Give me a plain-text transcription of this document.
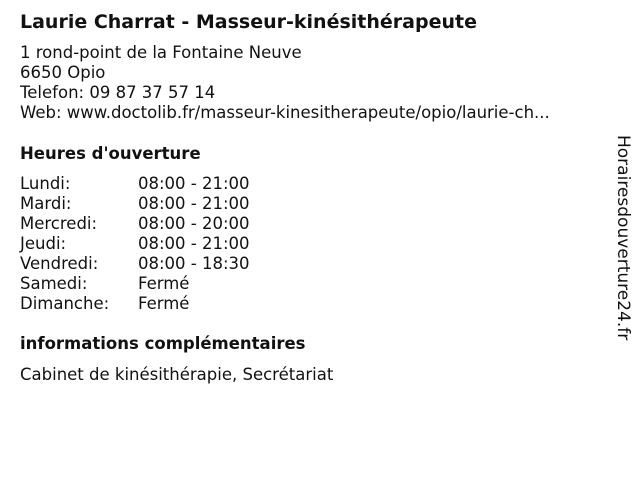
Laurie Charrat - Masseur-kinésithérapeute
1 rond-point de la Fontaine Neuve
6650 Opio
Telefon: 09 87 37 57 14
Web: www.doctolib.fr/masseur-kinesitherapeute/opio/laurie-ch...
Heures d'ouverture
Lundi:	08:00 - 21:00
Mardi:	08:00 - 21:00
Mercredi:	08:00 - 20:00
Jeudi:	08:00 - 21:00
Vendredi:	08:00 - 18:30
Samedi:	Fermé
Dimanche:	Fermé
informations complémentaires
Cabinet de kinésithérapie, Secrétariat
Horairesdouverture24.fr
